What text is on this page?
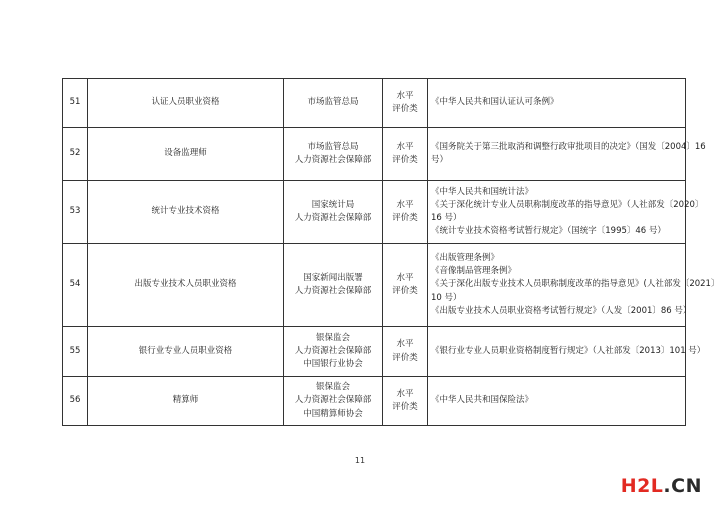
51	认证人员职业资格	市场监管总局	水平
评价类	《中华人民共和国认证认可条例》

52	设备监理师	市场监管总局
人力资源社会保障部	水平
评价类	《国务院关于第三批取消和调整行政审批项目的决定》（国发〔2004〕16
号）

53	统计专业技术资格	国家统计局
人力资源社会保障部	水平
评价类	《中华人民共和国统计法》
《关于深化统计专业人员职称制度改革的指导意见》（人社部发〔2020〕
16 号）
《统计专业技术资格考试暂行规定》（国统字〔1995〕46 号）

54	出版专业技术人员职业资格	国家新闻出版署
人力资源社会保障部	水平
评价类	《出版管理条例》
《音像制品管理条例》
《关于深化出版专业技术人员职称制度改革的指导意见》(人社部发〔2021〕
10 号）
《出版专业技术人员职业资格考试暂行规定》（人发〔2001〕86 号）

55	银行业专业人员职业资格	银保监会
人力资源社会保障部
中国银行业协会	水平
评价类	《银行业专业人员职业资格制度暂行规定》（人社部发〔2013〕101 号）

56	精算师	银保监会
人力资源社会保障部
中国精算师协会	水平
评价类	《中华人民共和国保险法》
11
H2L.CN
